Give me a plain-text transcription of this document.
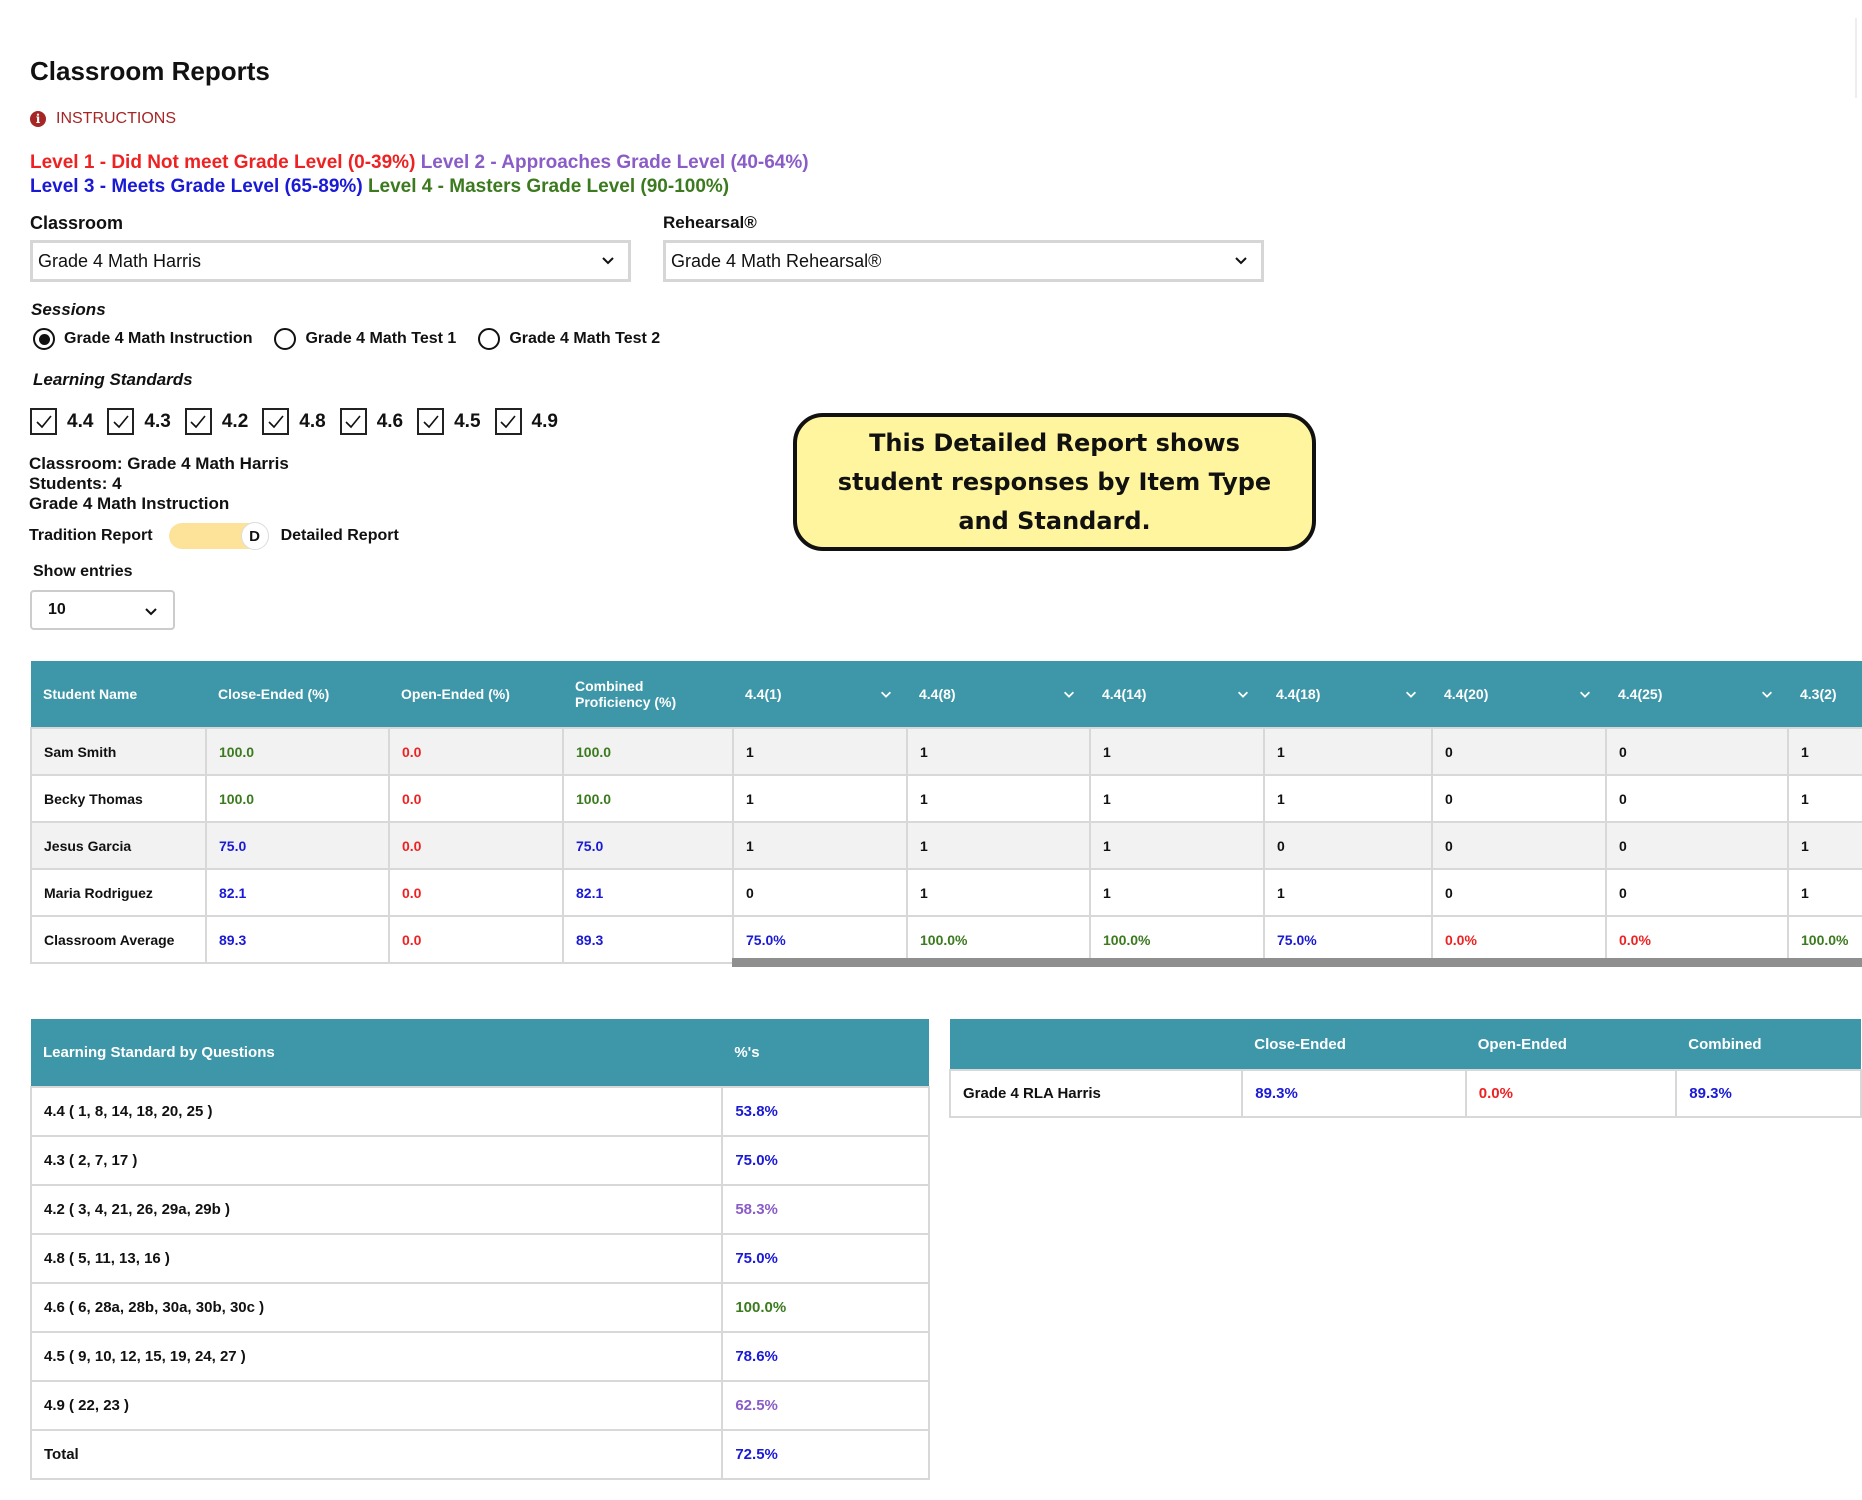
Classroom Reports
i INSTRUCTIONS
Level 1 - Did Not meet Grade Level (0-39%) Level 2 - Approaches Grade Level (40-64%)
Level 3 - Meets Grade Level (65-89%) Level 4 - Masters Grade Level (90-100%)
Classroom
Grade 4 Math Harris
Rehearsal®
Grade 4 Math Rehearsal®
Sessions
Grade 4 Math Instruction	Grade 4 Math Test 1	Grade 4 Math Test 2
Learning Standards
4.4	4.3	4.2	4.8	4.6	4.5	4.9
Classroom: Grade 4 Math Harris
Students: 4
Grade 4 Math Instruction
Tradition Report	D	Detailed Report
Show entries
10
This Detailed Report shows student responses by Item Type and Standard.
Student Name	Close-Ended (%)	Open-Ended (%)	Combined Proficiency (%)	4.4(1)	4.4(8)	4.4(14)	4.4(18)	4.4(20)	4.4(25)	4.3(2)
Sam Smith	100.0	0.0	100.0	1	1	1	1	0	0	1
Becky Thomas	100.0	0.0	100.0	1	1	1	1	0	0	1
Jesus Garcia	75.0	0.0	75.0	1	1	1	0	0	0	1
Maria Rodriguez	82.1	0.0	82.1	0	1	1	1	0	0	1
Classroom Average	89.3	0.0	89.3	75.0%	100.0%	100.0%	75.0%	0.0%	0.0%	100.0%
Learning Standard by Questions	%'s
4.4 ( 1, 8, 14, 18, 20, 25 )	53.8%
4.3 ( 2, 7, 17 )	75.0%
4.2 ( 3, 4, 21, 26, 29a, 29b )	58.3%
4.8 ( 5, 11, 13, 16 )	75.0%
4.6 ( 6, 28a, 28b, 30a, 30b, 30c )	100.0%
4.5 ( 9, 10, 12, 15, 19, 24, 27 )	78.6%
4.9 ( 22, 23 )	62.5%
Total	72.5%
	Close-Ended	Open-Ended	Combined
Grade 4 RLA Harris	89.3%	0.0%	89.3%
